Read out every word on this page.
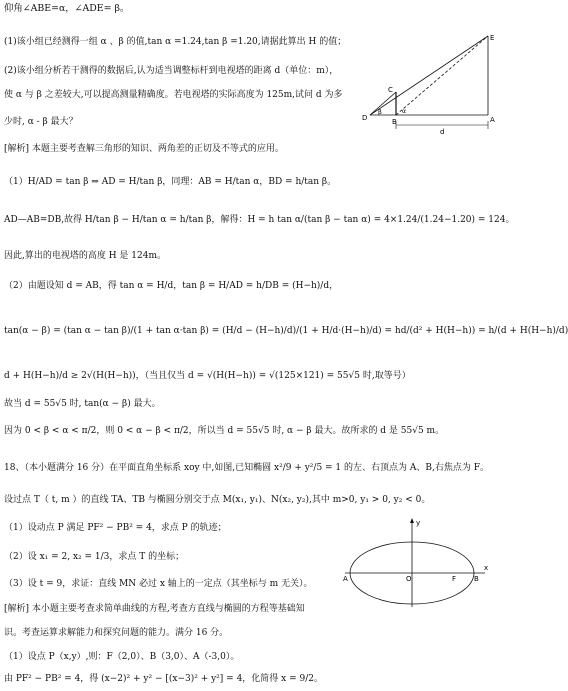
仰角∠ABE=α，∠ADE= β。
(1)该小组已经测得一组 α 、β 的值,tan α =1.24,tan β =1.20,请据此算出 H 的值；
(2)该小组分析若干测得的数据后,认为适当调整标杆到电视塔的距离 d（单位：m），
使 α 与 β 之差较大,可以提高测量精确度。若电视塔的实际高度为 125m,试问 d 为多
少时, α - β 最大？
[解析] 本题主要考查解三角形的知识、两角差的正切及不等式的应用。
E
C
D	B	A
α
β
d
（1）H/AD = tan β ⇒ AD = H/tan β，同理：AB = H/tan α，BD = h/tan β。
AD—AB=DB,故得 H/tan β − H/tan α = h/tan β，解得：H = h tan α/(tan β − tan α) = 4×1.24/(1.24−1.20) = 124。
因此,算出的电视塔的高度 H 是 124m。
（2）由题设知 d = AB，得 tan α = H/d，tan β = H/AD = h/DB = (H−h)/d，
tan(α − β) = (tan α − tan β)/(1 + tan α·tan β) = (H/d − (H−h)/d)/(1 + H/d·(H−h)/d) = hd/(d² + H(H−h)) = h/(d + H(H−h)/d)
d + H(H−h)/d ≥ 2√(H(H−h))，（当且仅当 d = √(H(H−h)) = √(125×121) = 55√5 时,取等号）
故当 d = 55√5 时, tan(α − β) 最大。
因为 0 < β < α < π/2，则 0 < α − β < π/2，所以当 d = 55√5 时, α − β 最大。故所求的 d 是 55√5 m。
18、（本小题满分 16 分）在平面直角坐标系 xoy 中,如图,已知椭圆 x²/9 + y²/5 = 1 的左、右顶点为 A、B,右焦点为 F。
设过点 T（ t, m ）的直线 TA、TB 与椭圆分别交于点 M(x₁, y₁)、N(x₂, y₂),其中 m>0, y₁ > 0, y₂ < 0。
（1）设动点 P 满足 PF² − PB² = 4，求点 P 的轨迹；
（2）设 x₁ = 2, x₂ = 1/3，求点 T 的坐标；
（3）设 t = 9，求证：直线 MN 必过 x 轴上的一定点（其坐标与 m 无关）。
[解析] 本小题主要考查求简单曲线的方程,考查方直线与椭圆的方程等基础知
识。考查运算求解能力和探究问题的能力。满分 16 分。
（1）设点 P（x,y）,则：F（2,0）、B（3,0）、A（-3,0）。
由 PF² − PB² = 4，得 (x−2)² + y² − [(x−3)² + y²] = 4，化简得 x = 9/2。
y
A	O	F	B
x
